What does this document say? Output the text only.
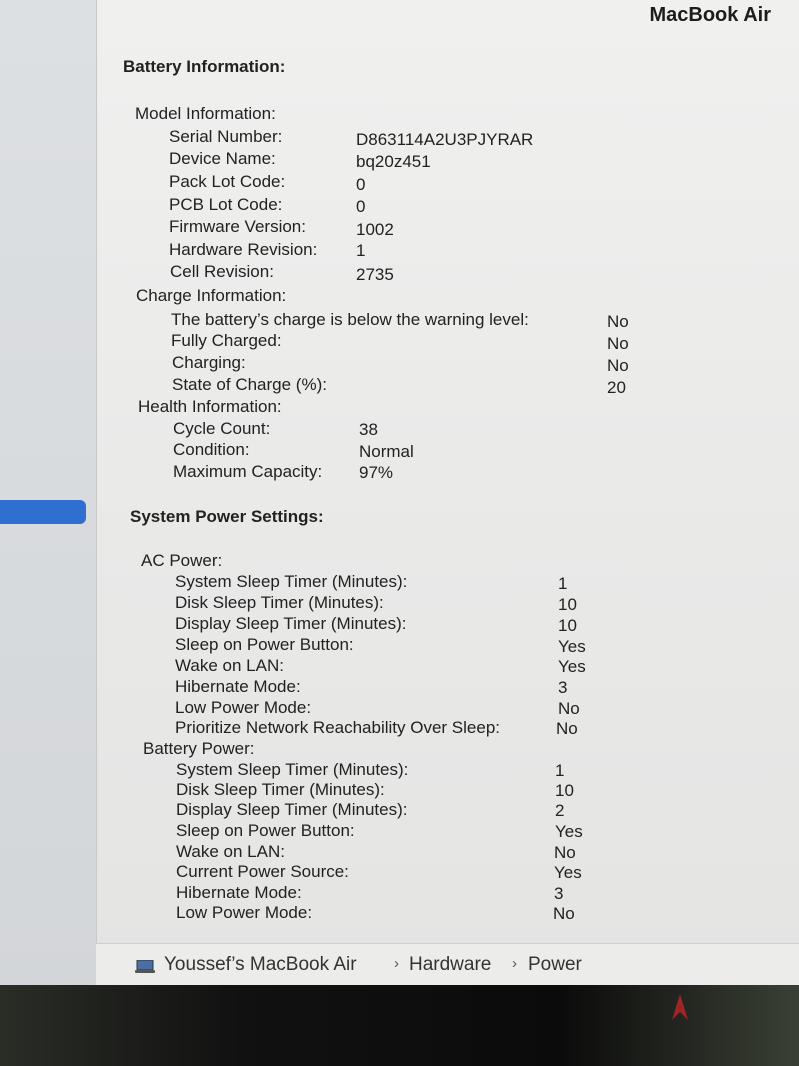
MacBook Air
Battery Information:
Model Information:
Serial Number:	D863114A2U3PJYRAR
Device Name:	bq20z451
Pack Lot Code:	0
PCB Lot Code:	0
Firmware Version:	1002
Hardware Revision: 1
Cell Revision:	2735
Charge Information:
The battery’s charge is below the warning level:	No
Fully Charged:	No
Charging:	No
State of Charge (%):	20
Health Information:
Cycle Count:	38
Condition:	Normal
Maximum Capacity: 97%
System Power Settings:
AC Power:
System Sleep Timer (Minutes):	1
Disk Sleep Timer (Minutes):	10
Display Sleep Timer (Minutes):	10
Sleep on Power Button:	Yes
Wake on LAN:	Yes
Hibernate Mode:	3
Low Power Mode:	No
Prioritize Network Reachability Over Sleep:	No
Battery Power:
System Sleep Timer (Minutes):	1
Disk Sleep Timer (Minutes):	10
Display Sleep Timer (Minutes):	2
Sleep on Power Button:	Yes
Wake on LAN:	No
Current Power Source:	Yes
Hibernate Mode:	3
Low Power Mode:	No
Youssef’s MacBook Air › Hardware › Power
